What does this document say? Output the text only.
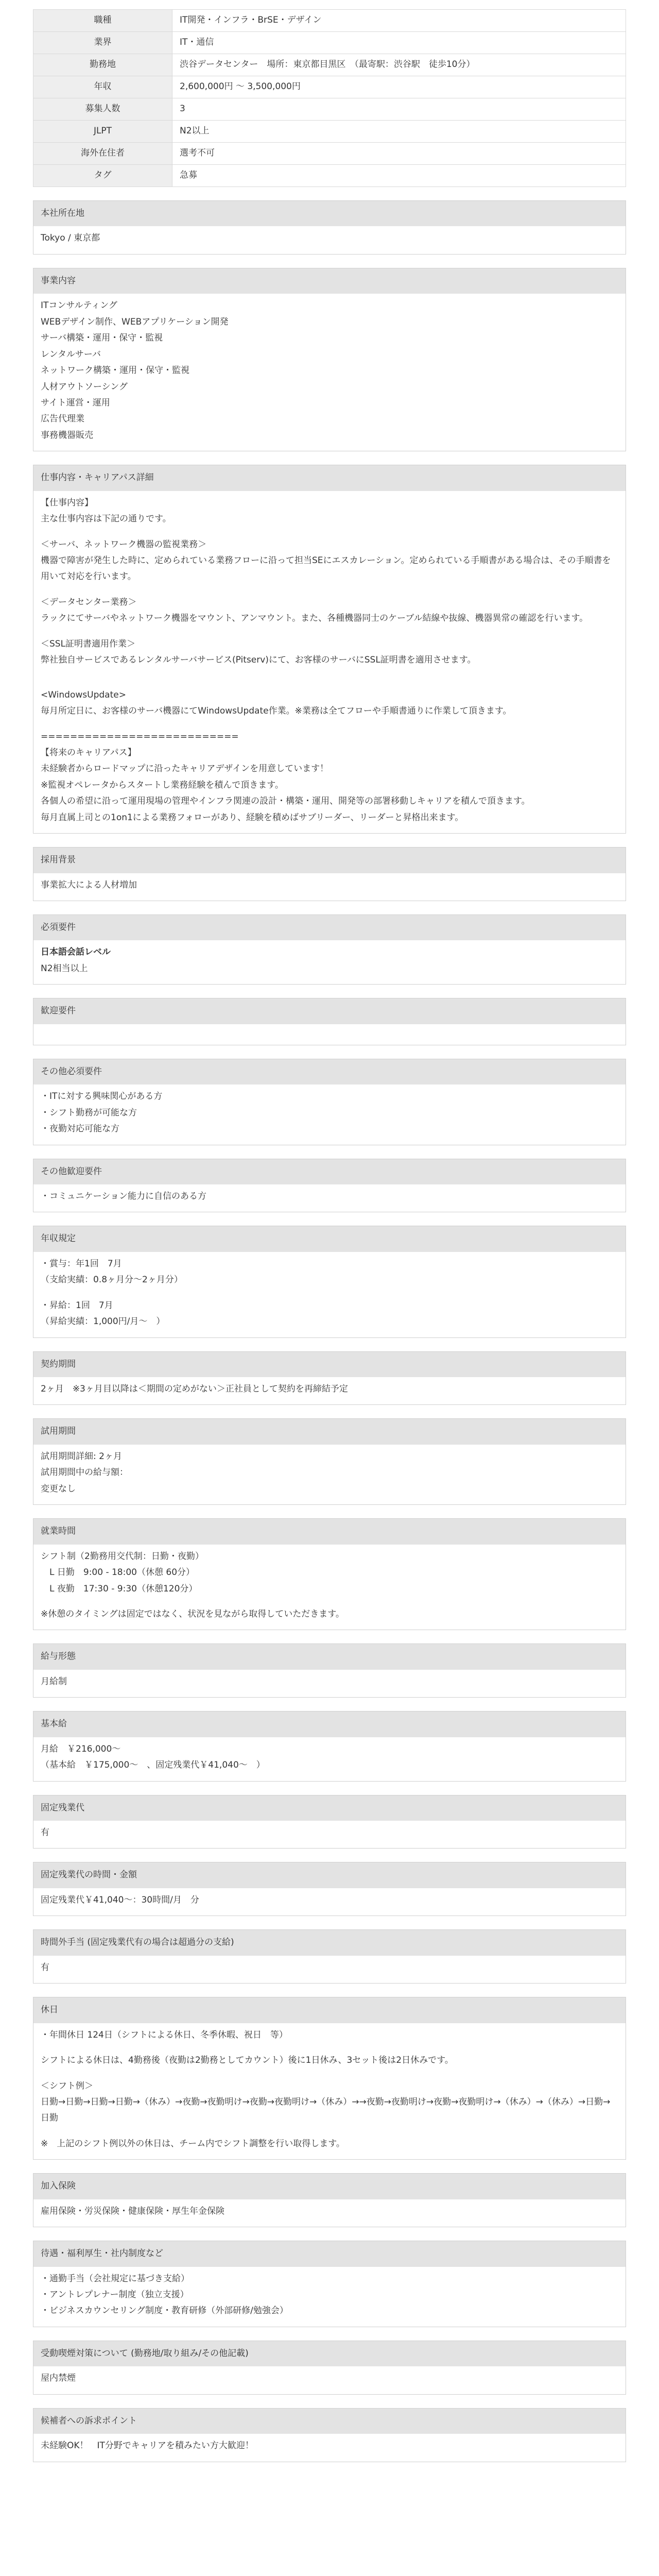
職種	IT開発・インフラ・BrSE・デザイン
業界	IT・通信
勤務地	渋谷データセンター　場所：東京都目黒区　（最寄駅：渋谷駅　徒歩10分）
年収	2,600,000円 ～ 3,500,000円
募集人数	3
JLPT	N2以上
海外在住者	選考不可
タグ	急募
本社所在地

Tokyo / 東京都

事業内容

ITコンサルティング

WEBデザイン制作、WEBアプリケーション開発

サーバ構築・運用・保守・監視

レンタルサーバ

ネットワーク構築・運用・保守・監視

人材アウトソーシング

サイト運営・運用

広告代理業

事務機器販売

仕事内容・キャリアパス詳細

【仕事内容】

主な仕事内容は下記の通りです。

＜サーバ、ネットワーク機器の監視業務＞

機器で障害が発生した時に、定められている業務フローに沿って担当SEにエスカレーション。定められている手順書がある場合は、その手順書を用いて対応を行います。

＜データセンター業務＞

ラックにてサーバやネットワーク機器をマウント、アンマウント。また、各種機器同士のケーブル結線や抜線、機器異常の確認を行います。

＜SSL証明書適用作業＞

弊社独自サービスであるレンタルサーバサービス(Pitserv)にて、お客様のサーバにSSL証明書を適用させます。

<WindowsUpdate>

毎月所定日に、お客様のサーバ機器にてWindowsUpdate作業。※業務は全てフローや手順書通りに作業して頂きます。

===========================

【将来のキャリアパス】

未経験者からロードマップに沿ったキャリアデザインを用意しています！

※監視オペレータからスタートし業務経験を積んで頂きます。

各個人の希望に沿って運用現場の管理やインフラ関連の設計・構築・運用、開発等の部署移動しキャリアを積んで頂きます。

毎月直属上司との1on1による業務フォローがあり、経験を積めばサブリーダー、リーダーと昇格出来ます。

採用背景

事業拡大による人材増加

必須要件

日本語会話レベル

N2相当以上

歓迎要件
その他必須要件

・ITに対する興味関心がある方

・シフト勤務が可能な方

・夜勤対応可能な方

その他歓迎要件

・コミュニケーション能力に自信のある方

年収規定

・賞与：年1回　7月

（支給実績：0.8ヶ月分～2ヶ月分）

・昇給：1回　7月

（昇給実績：1,000円/月～　）

契約期間

2ヶ月　※3ヶ月目以降は＜期間の定めがない＞正社員として契約を再締結予定

試用期間

試用期間詳細: 2ヶ月

試用期間中の給与額：

変更なし

就業時間

シフト制（2勤務用交代制：日勤・夜勤）

　L 日勤　9:00 - 18:00（休憩 60分）

　L 夜勤　17:30 - 9:30（休憩120分）

※休憩のタイミングは固定ではなく、状況を見ながら取得していただきます。

給与形態

月給制

基本給

月給　￥216,000～

（基本給　￥175,000～　、固定残業代￥41,040～　）

固定残業代

有

固定残業代の時間・金額

固定残業代￥41,040～：30時間/月　分

時間外手当 (固定残業代有の場合は超過分の支給)

有

休日

・年間休日 124日（シフトによる休日、冬季休暇、祝日　等）

シフトによる休日は、4勤務後（夜勤は2勤務としてカウント）後に1日休み、3セット後は2日休みです。

＜シフト例＞

日勤→日勤→日勤→日勤→（休み）→夜勤→夜勤明け→夜勤→夜勤明け→（休み）→→夜勤→夜勤明け→夜勤→夜勤明け→（休み）→（休み）→日勤→日勤

※　上記のシフト例以外の休日は、チーム内でシフト調整を行い取得します。

加入保険

雇用保険・労災保険・健康保険・厚生年金保険

待遇・福利厚生・社内制度など

・通勤手当（会社規定に基づき支給）

・アントレプレナー制度（独立支援）

・ビジネスカウンセリング制度・教育研修（外部研修/勉強会）

受動喫煙対策について (勤務地/取り組み/その他記載)

屋内禁煙

候補者への訴求ポイント

未経験OK！　IT分野でキャリアを積みたい方大歓迎！
